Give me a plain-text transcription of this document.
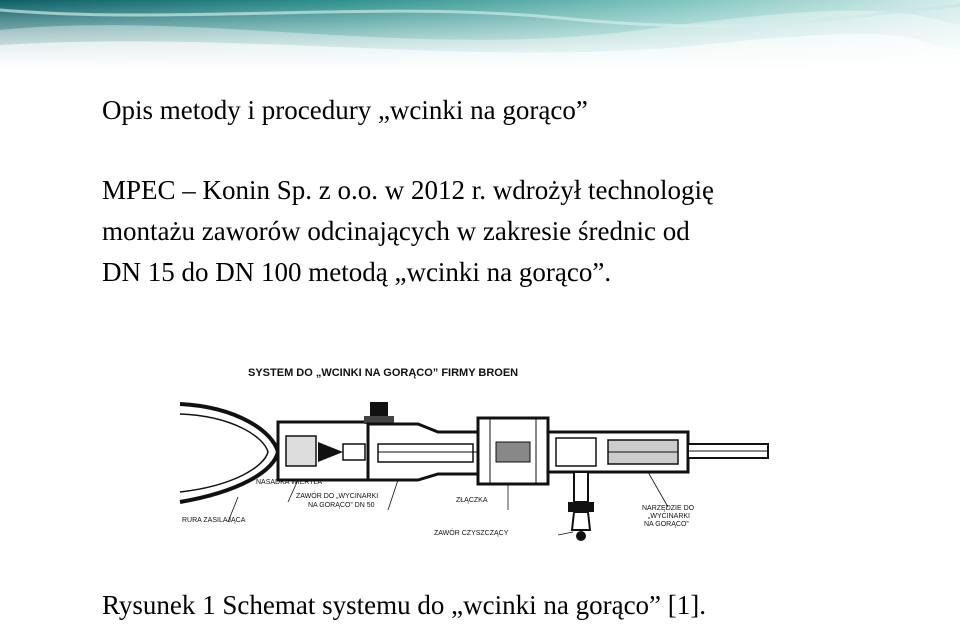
Opis metody i procedury „wcinki na gorąco”
MPEC – Konin Sp. z o.o. w 2012 r. wdrożył technologię
montażu zaworów odcinających w zakresie średnic od
DN 15 do DN 100 metodą „wcinki na gorąco”.
SYSTEM DO „WCINKI NA GORĄCO” FIRMY BROEN
NASADKA WIERTŁA
ZAWÓR DO „WYCINARKI
NA GORĄCO” DN 50
ZŁĄCZKA
RURA ZASILAJĄCA
ZAWÓR CZYSZCZĄCY
NARZĘDZIE DO
„WYCINARKI
NA GORĄCO”
Rysunek 1 Schemat systemu do „wcinki na gorąco” [1].
